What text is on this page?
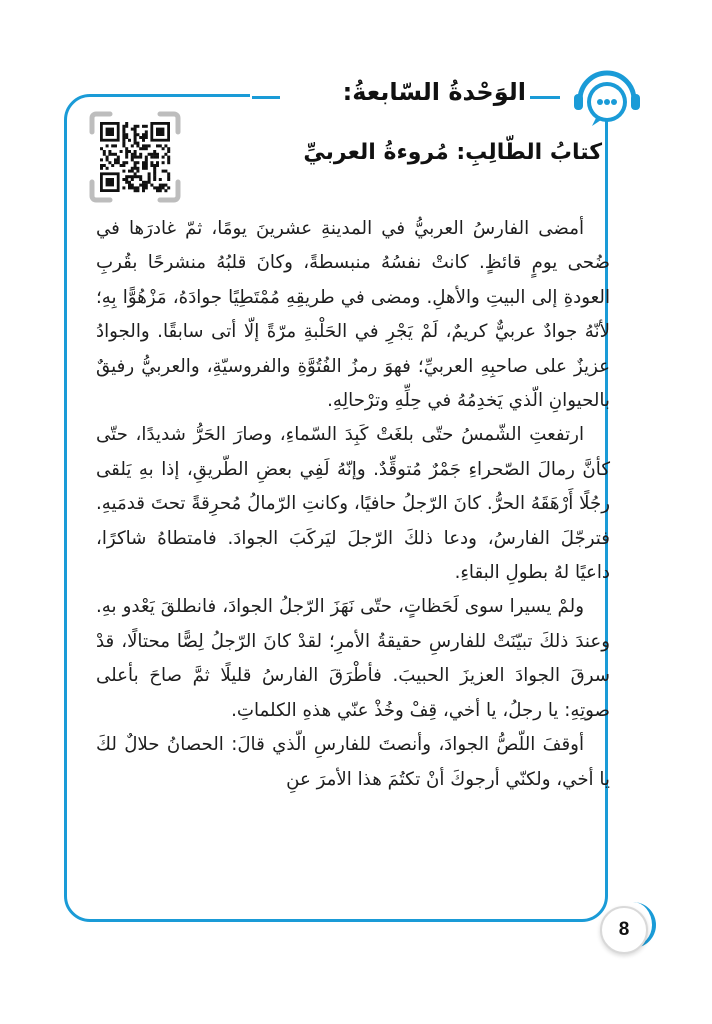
الوَحْدةُ السّابعةُ:
كتابُ الطّالِبِ: مُروءةُ العربيِّ

أمضى الفارسُ العربيُّ في المدينةِ عشرينَ يومًا، ثمّ غادرَها في ضُحى يومٍ قائظٍ. كانتْ نفسُهُ منبسطةً، وكانَ قلبُهُ منشرحًا بقُربِ العودةِ إلى البيتِ والأهلِ. ومضى في طريقِهِ مُمْتَطِيًا جوادَهُ، مَزْهُوًّا بِهِ؛ لأنّهُ جوادٌ عربيٌّ كريمٌ، لَمْ يَجْرِ في الحَلْبةِ مرّةً إلّا أتى سابقًا. والجوادُ عزيزٌ على صاحبِهِ العربيِّ؛ فهوَ رمزُ الفُتُوَّةِ والفروسيّةِ، والعربيُّ رفيقٌ بالحيوانِ الّذي يَخدِمُهُ في حِلِّهِ وترْحالِهِ.

ارتفعتِ الشّمسُ حتّى بلغَتْ كَبِدَ السّماءِ، وصارَ الحَرُّ شديدًا، حتّى كأنَّ رمالَ الصّحراءِ جَمْرٌ مُتوقِّدٌ. وإنّهُ لَفِي بعضِ الطّريقِ، إذا بهِ يَلقى رجُلًا أَرْهَقَهُ الحرُّ. كانَ الرّجلُ حافيًا، وكانتِ الرّمالُ مُحرِقةً تحتَ قدمَيهِ. فترجّلَ الفارسُ، ودعا ذلكَ الرّجلَ ليَركَبَ الجوادَ. فامتطاهُ شاكرًا، داعيًا لهُ بطولِ البقاءِ.

ولمْ يسيرا سوى لَحَظاتٍ، حتّى نَهَزَ الرّجلُ الجوادَ، فانطلقَ يَعْدو بهِ. وعندَ ذلكَ تبيّنَتْ للفارسِ حقيقةُ الأمرِ؛ لقدْ كانَ الرّجلُ لِصًّا محتالًا، قدْ سرقَ الجوادَ العزيزَ الحبيبَ. فأطْرَقَ الفارسُ قليلًا ثمَّ صاحَ بأعلى صوتِهِ: يا رجلُ، يا أخي، قِفْ وخُذْ عنّي هذهِ الكلماتِ.

أوقفَ اللّصُّ الجوادَ، وأنصتَ للفارسِ الّذي قالَ: الحصانُ حلالٌ لكَ يا أخي، ولكنّي أرجوكَ أنْ تكتُمَ هذا الأمرَ عنِ

8
